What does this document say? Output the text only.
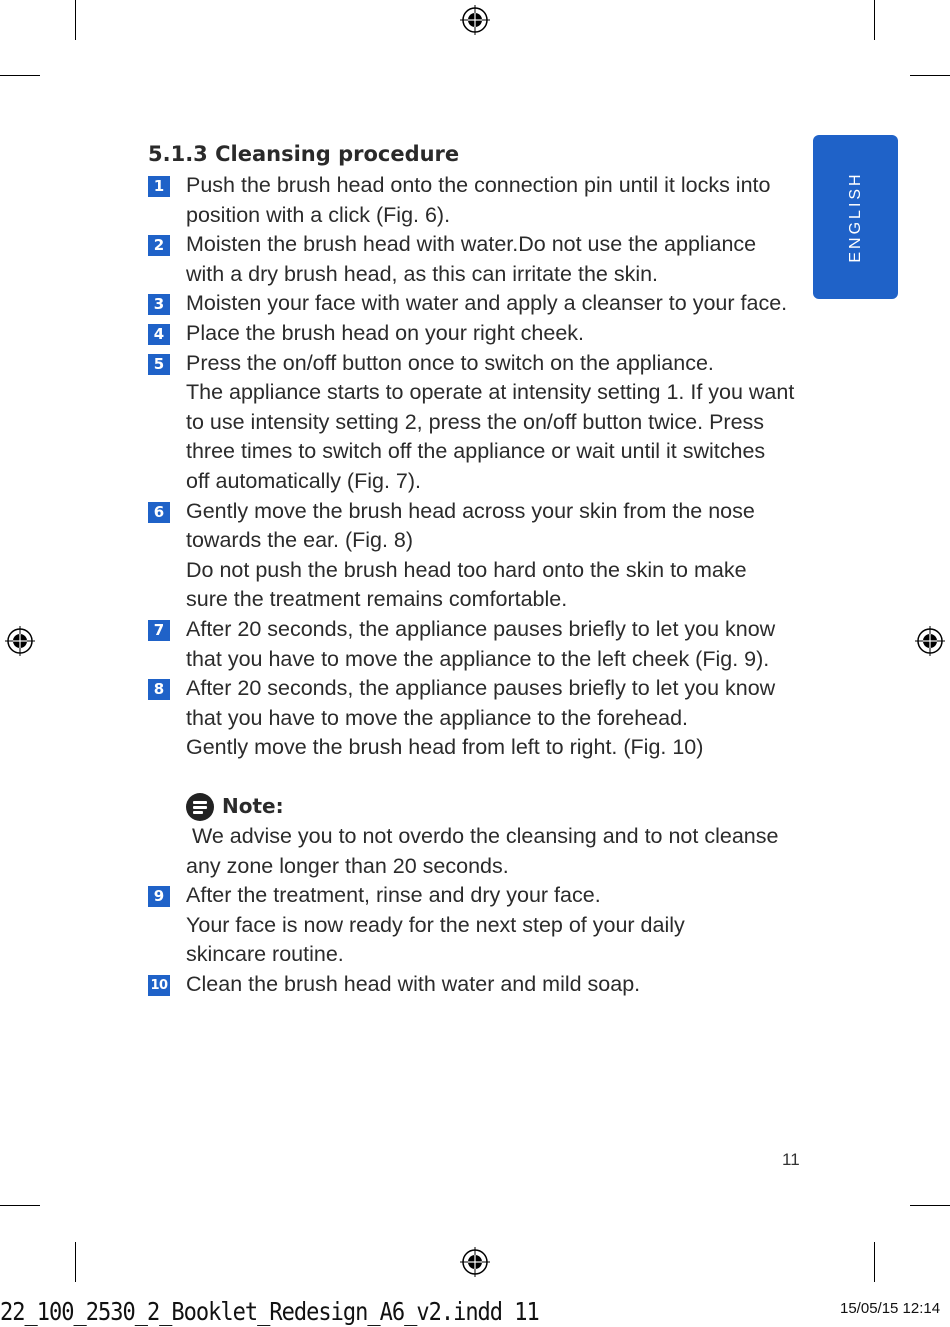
ENGLISH
5.1.3 Cleansing procedure
1 Push the brush head onto the connection pin until it locks into
position with a click (Fig. 6).
2 Moisten the brush head with water.Do not use the appliance
with a dry brush head, as this can irritate the skin.
3 Moisten your face with water and apply a cleanser to your face.
4 Place the brush head on your right cheek.
5 Press the on/off button once to switch on the appliance.
The appliance starts to operate at intensity setting 1. If you want
to use intensity setting 2, press the on/off button twice. Press
three times to switch off the appliance or wait until it switches
off automatically (Fig. 7).
6 Gently move the brush head across your skin from the nose
towards the ear. (Fig. 8)
Do not push the brush head too hard onto the skin to make
sure the treatment remains comfortable.
7 After 20 seconds, the appliance pauses briefly to let you know
that you have to move the appliance to the left cheek (Fig. 9).
8 After 20 seconds, the appliance pauses briefly to let you know
that you have to move the appliance to the forehead.
Gently move the brush head from left to right. (Fig. 10)
Note:
We advise you to not overdo the cleansing and to not cleanse
any zone longer than 20 seconds.
9 After the treatment, rinse and dry your face.
Your face is now ready for the next step of your daily
skincare routine.
10 Clean the brush head with water and mild soap.
11
22_100_2530_2_Booklet_Redesign_A6_v2.indd 11	15/05/15 12:14
